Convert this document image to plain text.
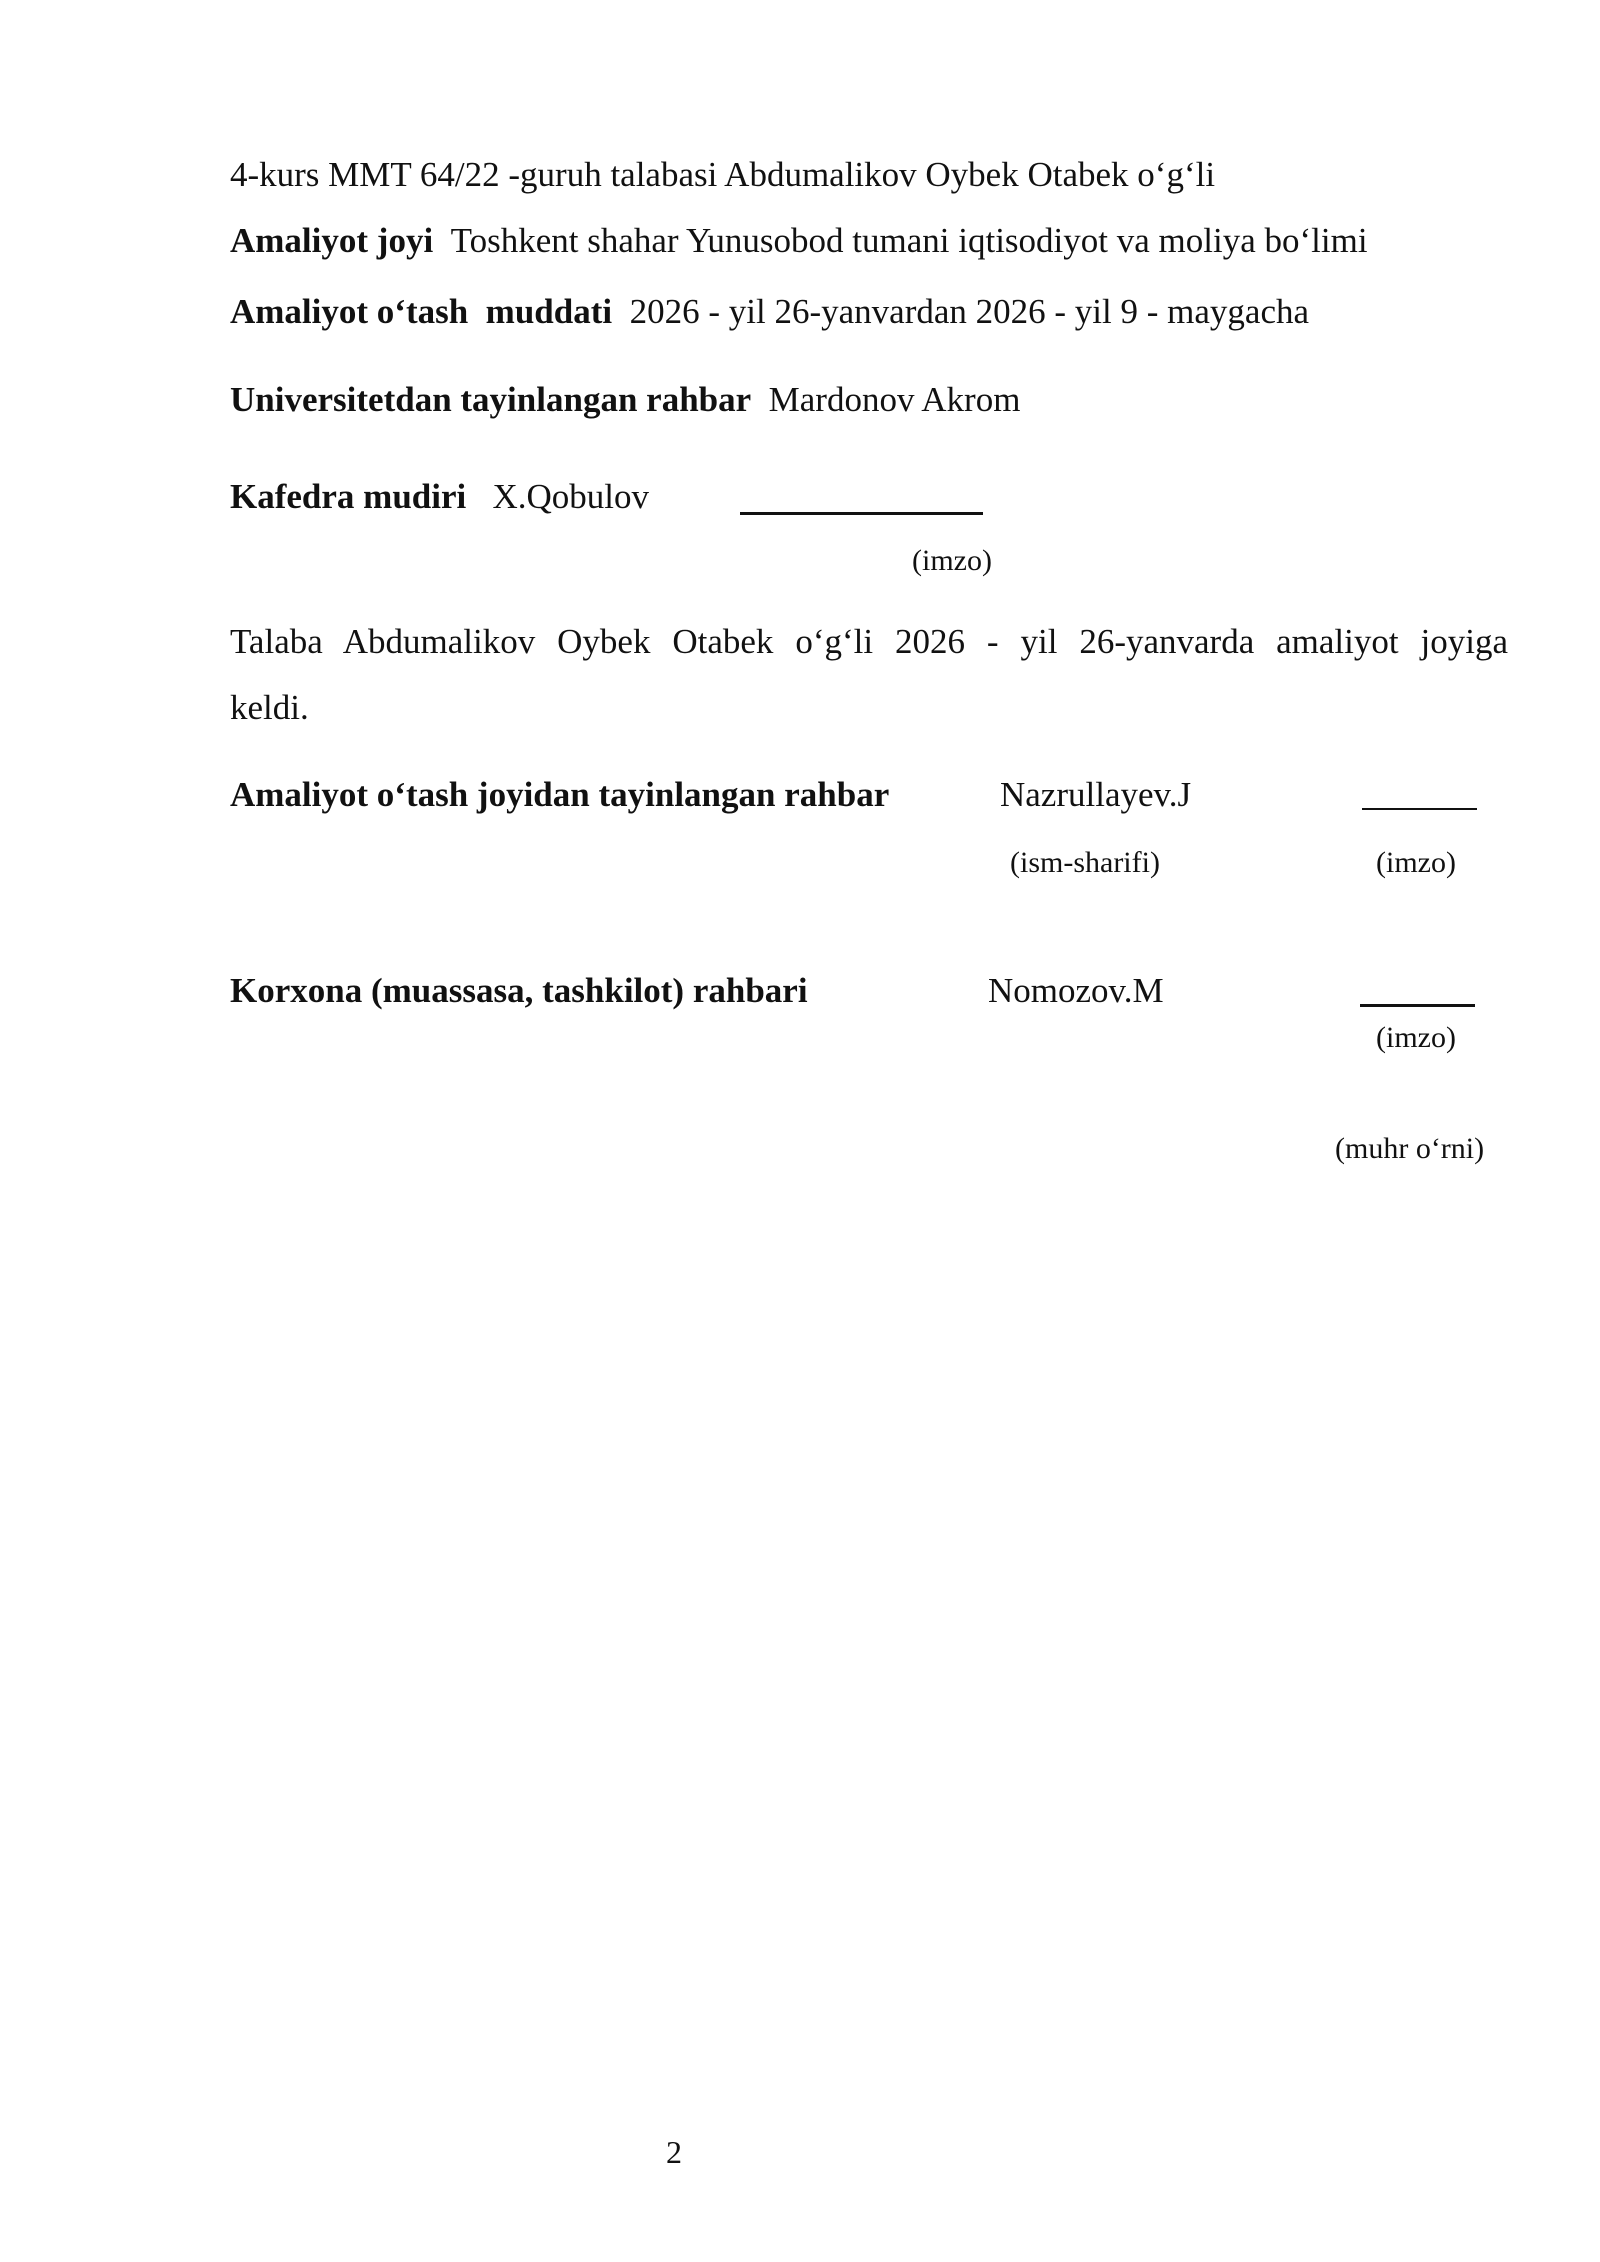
4-kurs MMT 64/22 -guruh talabasi Abdumalikov Oybek Otabek o‘g‘li
Amaliyot joyi Toshkent shahar Yunusobod tumani iqtisodiyot va moliya bo‘limi
Amaliyot o‘tash  muddati 2026 - yil 26-yanvardan 2026 - yil 9 - maygacha
Universitetdan tayinlangan rahbar Mardonov Akrom
Kafedra mudiri X.Qobulov
(imzo)
Talaba Abdumalikov Oybek Otabek o‘g‘li 2026 - yil 26-yanvarda amaliyot joyiga
keldi.
Amaliyot o‘tash joyidan tayinlangan rahbar	Nazrullayev.J
(ism-sharifi)	(imzo)
Korxona (muassasa, tashkilot) rahbari	Nomozov.M
(imzo)
(muhr o‘rni)
2
